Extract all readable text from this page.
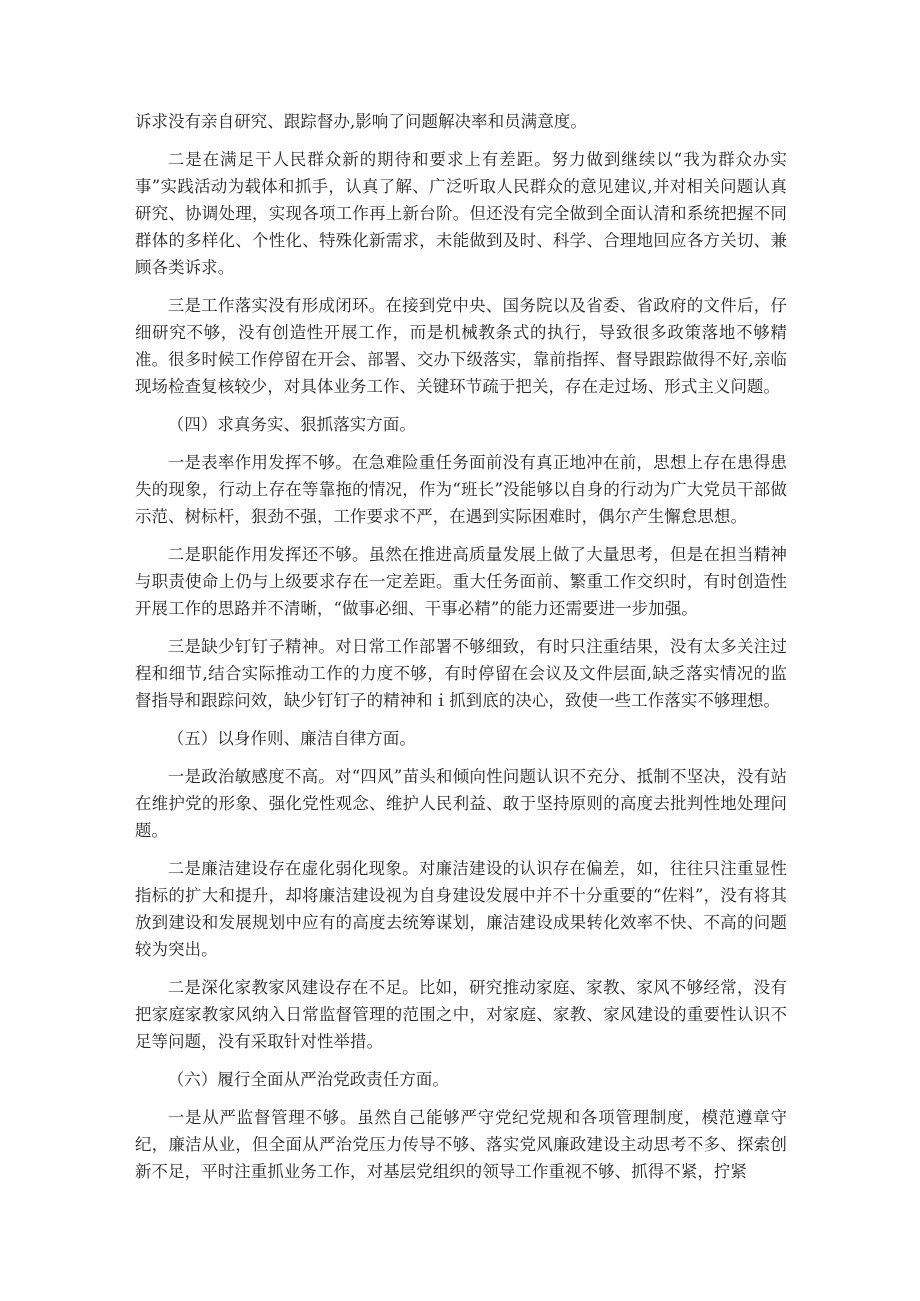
诉求没有亲自研究、跟踪督办,影响了问题解决率和员满意度。

二是在满足干人民群众新的期待和要求上有差距。努力做到继续以“我为群众办实事”实践活动为载体和抓手，认真了解、广泛听取人民群众的意见建议,并对相关问题认真研究、协调处理，实现各项工作再上新台阶。但还没有完全做到全面认清和系统把握不同群体的多样化、个性化、特殊化新需求，未能做到及时、科学、合理地回应各方关切、兼顾各类诉求。

三是工作落实没有形成闭环。在接到党中央、国务院以及省委、省政府的文件后，仔细研究不够，没有创造性开展工作，而是机械教条式的执行，导致很多政策落地不够精准。很多时候工作停留在开会、部署、交办下级落实，靠前指挥、督导跟踪做得不好,亲临现场检查复核较少，对具体业务工作、关键环节疏于把关，存在走过场、形式主义问题。

（四）求真务实、狠抓落实方面。

一是表率作用发挥不够。在急难险重任务面前没有真正地冲在前，思想上存在患得患失的现象，行动上存在等靠拖的情况，作为“班长”没能够以自身的行动为广大党员干部做示范、树标杆，狠劲不强，工作要求不严，在遇到实际困难时，偶尔产生懈怠思想。

二是职能作用发挥还不够。虽然在推进高质量发展上做了大量思考，但是在担当精神与职责使命上仍与上级要求存在一定差距。重大任务面前、繁重工作交织时，有时创造性开展工作的思路并不清晰，“做事必细、干事必精”的能力还需要进一步加强。

三是缺少钉钉子精神。对日常工作部署不够细致，有时只注重结果，没有太多关注过程和细节,结合实际推动工作的力度不够，有时停留在会议及文件层面,缺乏落实情况的监督指导和跟踪问效，缺少钉钉子的精神和ｉ抓到底的决心，致使一些工作落实不够理想。

（五）以身作则、廉洁自律方面。

一是政治敏感度不高。对“四风”苗头和倾向性问题认识不充分、抵制不坚决，没有站在维护党的形象、强化党性观念、维护人民利益、敢于坚持原则的高度去批判性地处理问题。

二是廉洁建设存在虚化弱化现象。对廉洁建设的认识存在偏差，如，往往只注重显性指标的扩大和提升，却将廉洁建设视为自身建设发展中并不十分重要的“佐料”，没有将其放到建设和发展规划中应有的高度去统筹谋划，廉洁建设成果转化效率不快、不高的问题较为突出。

二是深化家教家风建设存在不足。比如，研究推动家庭、家教、家风不够经常，没有把家庭家教家风纳入日常监督管理的范围之中，对家庭、家教、家风建设的重要性认识不足等问题，没有采取针对性举措。

（六）履行全面从严治党政责任方面。

一是从严监督管理不够。虽然自己能够严守党纪党规和各项管理制度，模范遵章守纪，廉洁从业，但全面从严治党压力传导不够、落实党风廉政建设主动思考不多、探索创新不足，平时注重抓业务工作，对基层党组织的领导工作重视不够、抓得不紧，拧紧
